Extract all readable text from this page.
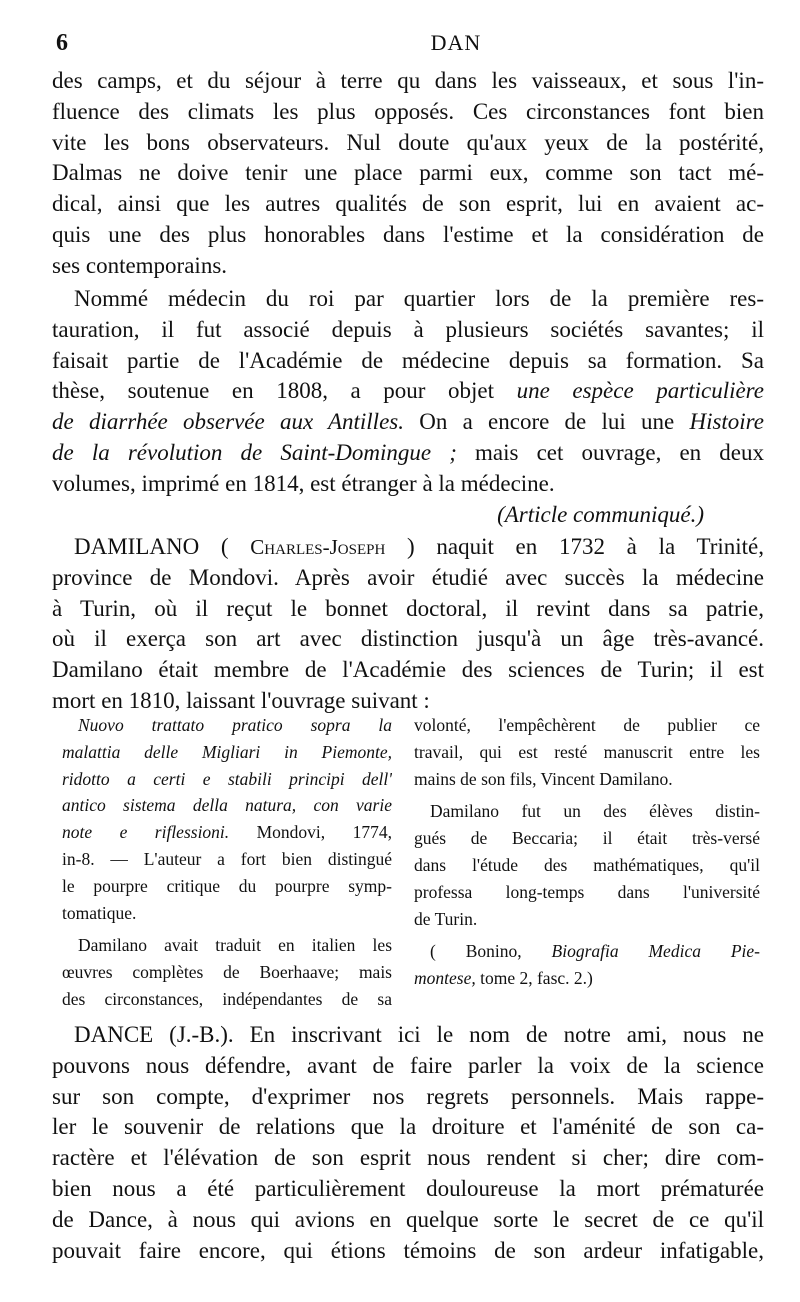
6	DAN
des camps, et du séjour à terre qu dans les vaisseaux, et sous l'in-
fluence des climats les plus opposés. Ces circonstances font bien
vite les bons observateurs. Nul doute qu'aux yeux de la postérité,
Dalmas ne doive tenir une place parmi eux, comme son tact mé-
dical, ainsi que les autres qualités de son esprit, lui en avaient ac-
quis une des plus honorables dans l'estime et la considération de
ses contemporains.
Nommé médecin du roi par quartier lors de la première res-
tauration, il fut associé depuis à plusieurs sociétés savantes; il
faisait partie de l'Académie de médecine depuis sa formation. Sa
thèse, soutenue en 1808, a pour objet une espèce particulière
de diarrhée observée aux Antilles. On a encore de lui une Histoire
de la révolution de Saint-Domingue ; mais cet ouvrage, en deux
volumes, imprimé en 1814, est étranger à la médecine.
(Article communiqué.)
DAMILANO ( Charles-Joseph ) naquit en 1732 à la Trinité,
province de Mondovi. Après avoir étudié avec succès la médecine
à Turin, où il reçut le bonnet doctoral, il revint dans sa patrie,
où il exerça son art avec distinction jusqu'à un âge très-avancé.
Damilano était membre de l'Académie des sciences de Turin; il est
mort en 1810, laissant l'ouvrage suivant :
Nuovo trattato pratico sopra la
malattia delle Migliari in Piemonte,
ridotto a certi e stabili principi dell'
antico sistema della natura, con varie
note e riflessioni. Mondovi, 1774,
in-8. — L'auteur a fort bien distingué
le pourpre critique du pourpre symp-
tomatique.
Damilano avait traduit en italien les
œuvres complètes de Boerhaave; mais
des circonstances, indépendantes de sa
volonté, l'empêchèrent de publier ce
travail, qui est resté manuscrit entre les
mains de son fils, Vincent Damilano.
Damilano fut un des élèves distin-
gués de Beccaria; il était très-versé
dans l'étude des mathématiques, qu'il
professa long-temps dans l'université
de Turin.
( Bonino, Biografia Medica Pie-
montese, tome 2, fasc. 2.)
DANCE (J.-B.). En inscrivant ici le nom de notre ami, nous ne
pouvons nous défendre, avant de faire parler la voix de la science
sur son compte, d'exprimer nos regrets personnels. Mais rappe-
ler le souvenir de relations que la droiture et l'aménité de son ca-
ractère et l'élévation de son esprit nous rendent si cher; dire com-
bien nous a été particulièrement douloureuse la mort prématurée
de Dance, à nous qui avions en quelque sorte le secret de ce qu'il
pouvait faire encore, qui étions témoins de son ardeur infatigable,
